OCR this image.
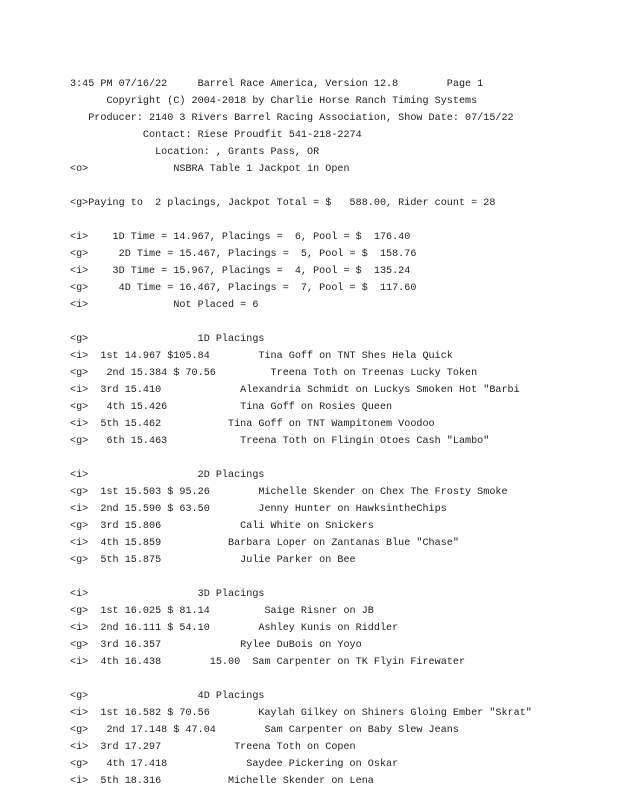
3:45 PM 07/16/22     Barrel Race America, Version 12.8        Page 1
Copyright (C) 2004-2018 by Charlie Horse Ranch Timing Systems
Producer: 2140 3 Rivers Barrel Racing Association, Show Date: 07/15/22
Contact: Riese Proudfit 541-218-2274
Location: , Grants Pass, OR
<o>              NSBRA Table 1 Jackpot in Open
<g>Paying to  2 placings, Jackpot Total = $   588.00, Rider count = 28
<i>    1D Time = 14.967, Placings =  6, Pool = $  176.40
<g>     2D Time = 15.467, Placings =  5, Pool = $  158.76
<i>    3D Time = 15.967, Placings =  4, Pool = $  135.24
<g>     4D Time = 16.467, Placings =  7, Pool = $  117.60
<i>              Not Placed = 6
<g>                  1D Placings
<i>  1st 14.967 $105.84        Tina Goff on TNT Shes Hela Quick
<g>   2nd 15.384 $ 70.56         Treena Toth on Treenas Lucky Token
<i>  3rd 15.410             Alexandria Schmidt on Luckys Smoken Hot "Barbi
<g>   4th 15.426            Tina Goff on Rosies Queen
<i>  5th 15.462           Tina Goff on TNT Wampitonem Voodoo
<g>   6th 15.463            Treena Toth on Flingin Otoes Cash "Lambo"
<i>                  2D Placings
<g>  1st 15.503 $ 95.26        Michelle Skender on Chex The Frosty Smoke
<i>  2nd 15.590 $ 63.50        Jenny Hunter on HawksintheChips
<g>  3rd 15.806             Cali White on Snickers
<i>  4th 15.859           Barbara Loper on Zantanas Blue "Chase"
<g>  5th 15.875             Julie Parker on Bee
<i>                  3D Placings
<g>  1st 16.025 $ 81.14         Saige Risner on JB
<i>  2nd 16.111 $ 54.10        Ashley Kunis on Riddler
<g>  3rd 16.357             Rylee DuBois on Yoyo
<i>  4th 16.438        15.00  Sam Carpenter on TK Flyin Firewater
<g>                  4D Placings
<i>  1st 16.582 $ 70.56        Kaylah Gilkey on Shiners Gloing Ember "Skrat"
<g>   2nd 17.148 $ 47.04        Sam Carpenter on Baby Slew Jeans
<i>  3rd 17.297            Treena Toth on Copen
<g>   4th 17.418             Saydee Pickering on Oskar
<i>  5th 18.316           Michelle Skender on Lena
